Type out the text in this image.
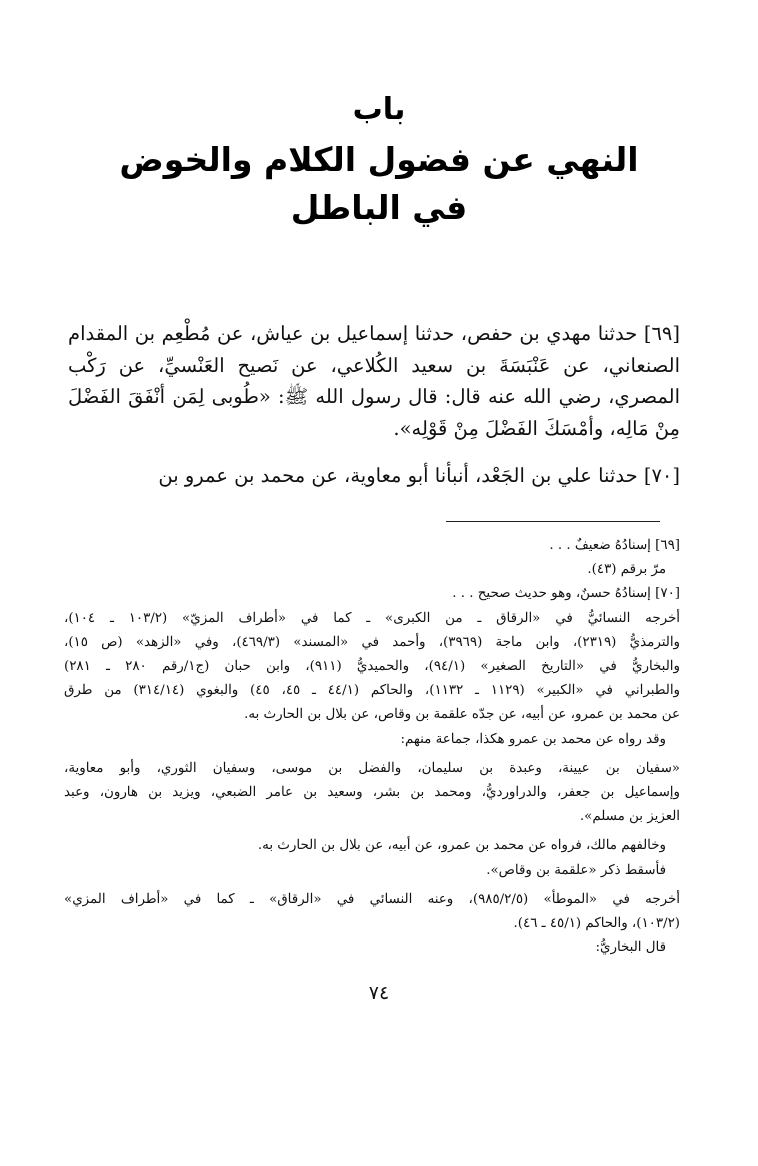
باب
النهي عن فضول الكلام والخوض
في الباطل

[٦٩] حدثنا مهدي بن حفص، حدثنا إسماعيل بن عياش، عن مُطْعِم بن المقدام الصنعاني، عن عَنْبَسَةَ بن سعيد الكُلاعي، عن نَصيح العَنْسيِّ، عن رَكْب المصري، رضي الله عنه قال: قال رسول الله ﷺ: «طُوبى لِمَن أنْفَقَ الفَضْلَ مِنْ مَالِه، وأمْسَكَ الفَضْلَ مِنْ قَوْلِه».

[٧٠] حدثنا علي بن الجَعْد، أنبأنا أبو معاوية، عن محمد بن عمرو بن

[٦٩] إسنادُهُ ضعيفٌ . . .

مرّ برقم (٤٣).

[٧٠] إسنادُهُ حسنٌ، وهو حديث صحيح . . .

أخرجه النسائيُّ في «الرقاق ـ من الكبرى» ـ كما في «أطراف المزيّ» (١٠٣/٢ ـ ١٠٤)،

والترمذيُّ (٢٣١٩)، وابن ماجة (٣٩٦٩)، وأحمد في «المسند» (٤٦٩/٣)، وفي «الزهد» (ص ١٥)،

والبخاريُّ في «التاريخ الصغير» (٩٤/١)، والحميديُّ (٩١١)، وابن حبان (ج١/رقم ٢٨٠ ـ ٢٨١)

والطبراني في «الكبير» (١١٢٩ ـ ١١٣٢)، والحاكم (٤٤/١ ـ ٤٥، ٤٥) والبغوي (٣١٤/١٤) من طرق

عن محمد بن عمرو، عن أبيه، عن جدّه علقمة بن وقاص، عن بلال بن الحارث به.

وقد رواه عن محمد بن عمرو هكذا، جماعة منهم:

«سفيان بن عيينة، وعبدة بن سليمان، والفضل بن موسى، وسفيان الثوري، وأبو معاوية،

وإسماعيل بن جعفر، والدراورديُّ، ومحمد بن بشر، وسعيد بن عامر الضبعي، ويزيد بن هارون، وعبد

العزيز بن مسلم».

وخالفهم مالك، فرواه عن محمد بن عمرو، عن أبيه، عن بلال بن الحارث به.

فأسقط ذكر «علقمة بن وقاص».

أخرجه في «الموطأ» (٩٨٥/٢/٥)، وعنه النسائي في «الرقاق» ـ كما في «أطراف المزي»

(١٠٣/٢)، والحاكم (٤٥/١ ـ ٤٦).

قال البخاريُّ:

٧٤
